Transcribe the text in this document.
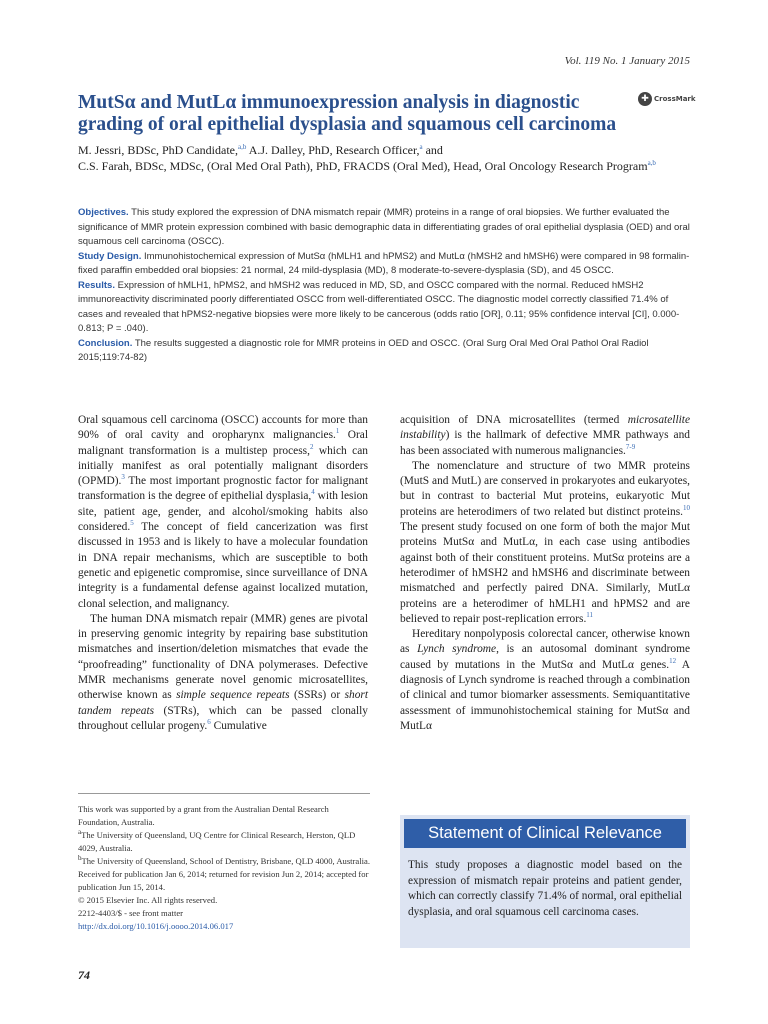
Vol. 119 No. 1 January 2015
MutSα and MutLα immunoexpression analysis in diagnostic grading of oral epithelial dysplasia and squamous cell carcinoma
✚ CrossMark
M. Jessri, BDSc, PhD Candidate,$^{a,b}$ A.J. Dalley, PhD, Research Officer,$^a$ and
C.S. Farah, BDSc, MDSc, (Oral Med Oral Path), PhD, FRACDS (Oral Med), Head, Oral Oncology Research Program$^{a,b}$

Objectives. This study explored the expression of DNA mismatch repair (MMR) proteins in a range of oral biopsies. We further evaluated the significance of MMR protein expression combined with basic demographic data in differentiating grades of oral epithelial dysplasia (OED) and oral squamous cell carcinoma (OSCC).

Study Design. Immunohistochemical expression of MutSα (hMLH1 and hPMS2) and MutLα (hMSH2 and hMSH6) were compared in 98 formalin-fixed paraffin embedded oral biopsies: 21 normal, 24 mild-dysplasia (MD), 8 moderate-to-severe-dysplasia (SD), and 45 OSCC.

Results. Expression of hMLH1, hPMS2, and hMSH2 was reduced in MD, SD, and OSCC compared with the normal. Reduced hMSH2 immunoreactivity discriminated poorly differentiated OSCC from well-differentiated OSCC. The diagnostic model correctly classified 71.4% of cases and revealed that hPMS2-negative biopsies were more likely to be cancerous (odds ratio [OR], 0.11; 95% confidence interval [CI], 0.000-0.813; P = .040).

Conclusion. The results suggested a diagnostic role for MMR proteins in OED and OSCC. (Oral Surg Oral Med Oral Pathol Oral Radiol 2015;119:74-82)

Oral squamous cell carcinoma (OSCC) accounts for more than 90% of oral cavity and oropharynx malignancies.$^1$ Oral malignant transformation is a multistep process,$^2$ which can initially manifest as oral potentially malignant disorders (OPMD).$^3$ The most important prognostic factor for malignant transformation is the degree of epithelial dysplasia,$^4$ with lesion site, patient age, gender, and alcohol/smoking habits also considered.$^5$ The concept of field cancerization was first discussed in 1953 and is likely to have a molecular foundation in DNA repair mechanisms, which are susceptible to both genetic and epigenetic compromise, since surveillance of DNA integrity is a fundamental defense against localized mutation, clonal selection, and malignancy.

The human DNA mismatch repair (MMR) genes are pivotal in preserving genomic integrity by repairing base substitution mismatches and insertion/deletion mismatches that evade the “proofreading” functionality of DNA polymerases. Defective MMR mechanisms generate novel genomic microsatellites, otherwise known as simple sequence repeats (SSRs) or short tandem repeats (STRs), which can be passed clonally throughout cellular progeny.$^6$ Cumulative

acquisition of DNA microsatellites (termed microsatellite instability) is the hallmark of defective MMR pathways and has been associated with numerous malignancies.$^{7-9}$

The nomenclature and structure of two MMR proteins (MutS and MutL) are conserved in prokaryotes and eukaryotes, but in contrast to bacterial Mut proteins, eukaryotic Mut proteins are heterodimers of two related but distinct proteins.$^{10}$ The present study focused on one form of both the major Mut proteins MutSα and MutLα, in each case using antibodies against both of their constituent proteins. MutSα proteins are a heterodimer of hMSH2 and hMSH6 and discriminate between mismatched and perfectly paired DNA. Similarly, MutLα proteins are a heterodimer of hMLH1 and hPMS2 and are believed to repair post-replication errors.$^{11}$

Hereditary nonpolyposis colorectal cancer, otherwise known as Lynch syndrome, is an autosomal dominant syndrome caused by mutations in the MutSα and MutLα genes.$^{12}$ A diagnosis of Lynch syndrome is reached through a combination of clinical and tumor biomarker assessments. Semiquantitative assessment of immunohistochemical staining for MutSα and MutLα

This work was supported by a grant from the Australian Dental Research Foundation, Australia.
$^a$The University of Queensland, UQ Centre for Clinical Research, Herston, QLD 4029, Australia.
$^b$The University of Queensland, School of Dentistry, Brisbane, QLD 4000, Australia.
Received for publication Jan 6, 2014; returned for revision Jun 2, 2014; accepted for publication Jun 15, 2014.
© 2015 Elsevier Inc. All rights reserved.
2212-4403/$ - see front matter
http://dx.doi.org/10.1016/j.oooo.2014.06.017
Statement of Clinical Relevance
This study proposes a diagnostic model based on the expression of mismatch repair proteins and patient gender, which can correctly classify 71.4% of normal, oral epithelial dysplasia, and oral squamous cell carcinoma cases.
74
